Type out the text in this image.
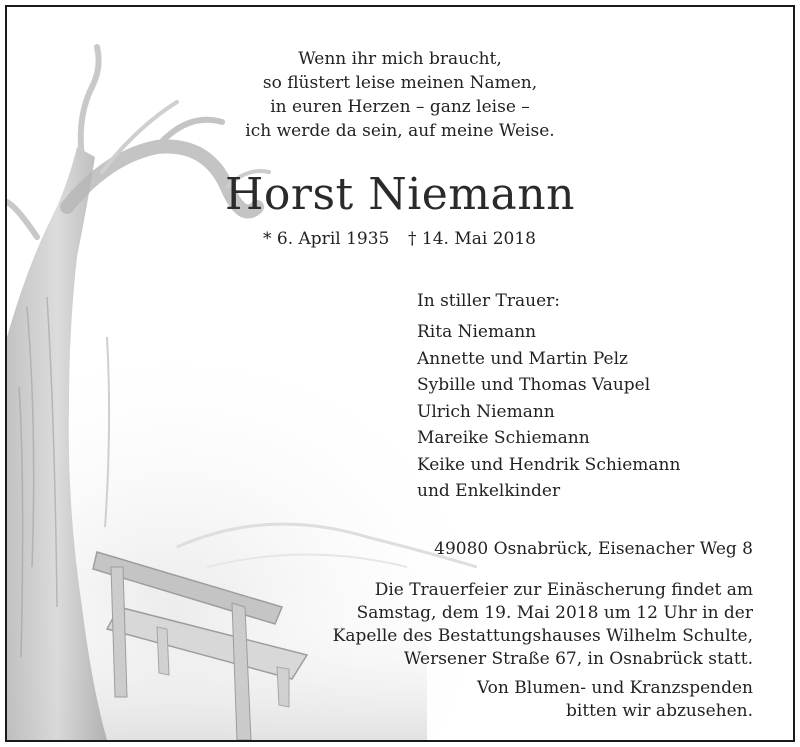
Wenn ihr mich braucht,
so flüstert leise meinen Namen,
in euren Herzen – ganz leise –
ich werde da sein, auf meine Weise.
Horst Niemann
* 6. April 1935 † 14. Mai 2018
In stiller Trauer:
Rita Niemann
Annette und Martin Pelz
Sybille und Thomas Vaupel
Ulrich Niemann
Mareike Schiemann
Keike und Hendrik Schiemann
und Enkelkinder
49080 Osnabrück, Eisenacher Weg 8
Die Trauerfeier zur Einäscherung findet am
Samstag, dem 19. Mai 2018 um 12 Uhr in der
Kapelle des Bestattungshauses Wilhelm Schulte,
Wersener Straße 67, in Osnabrück statt.
Von Blumen- und Kranzspenden
bitten wir abzusehen.
